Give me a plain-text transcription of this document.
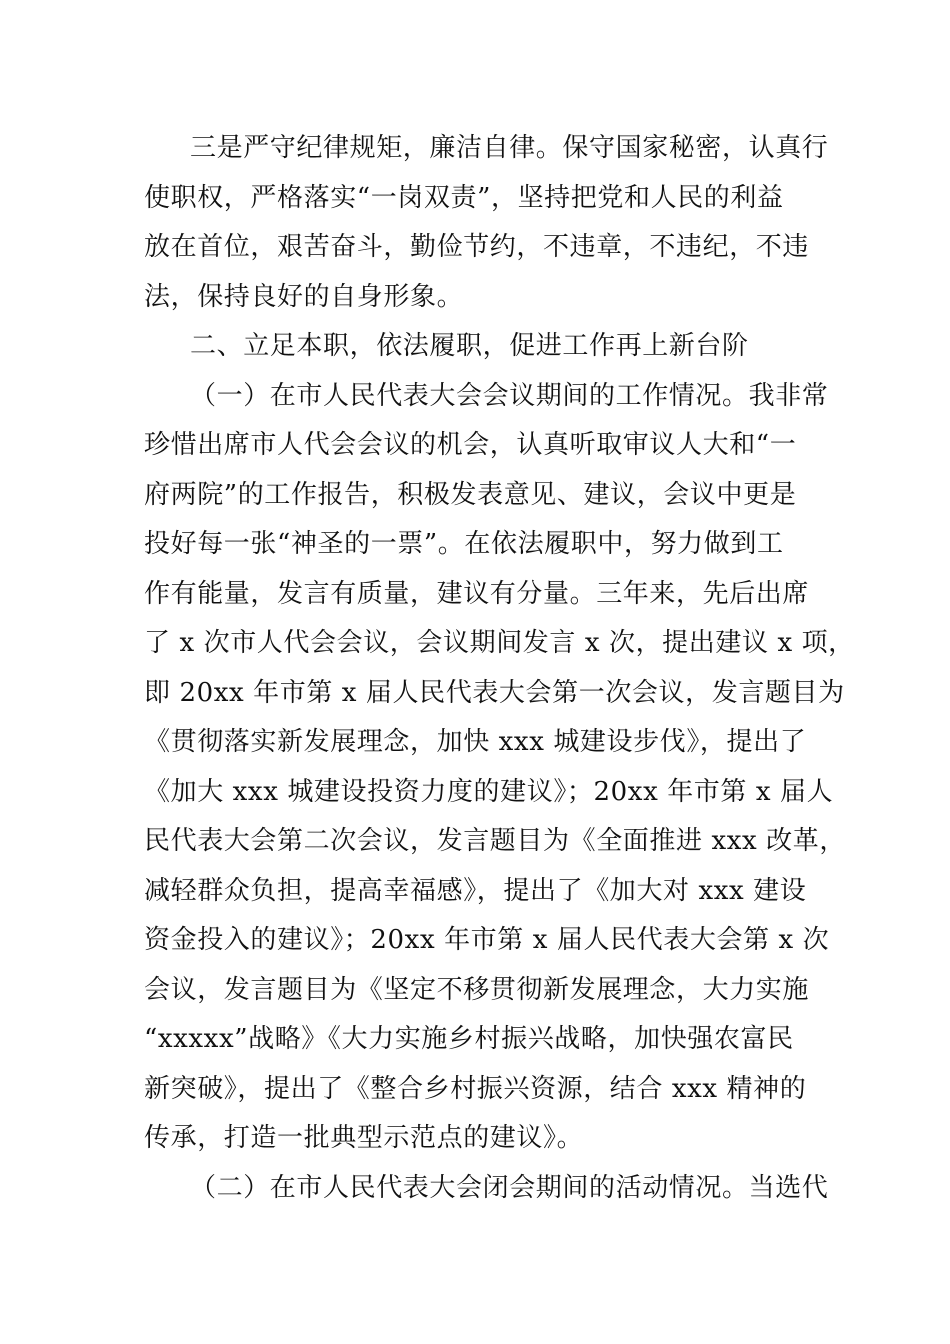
三是严守纪律规矩，廉洁自律。保守国家秘密，认真行
使职权，严格落实“一岗双责”，坚持把党和人民的利益
放在首位，艰苦奋斗，勤俭节约，不违章，不违纪，不违
法，保持良好的自身形象。
二、立足本职，依法履职，促进工作再上新台阶
（一）在市人民代表大会会议期间的工作情况。我非常
珍惜出席市人代会会议的机会，认真听取审议人大和“一
府两院”的工作报告，积极发表意见、建议，会议中更是
投好每一张“神圣的一票”。在依法履职中，努力做到工
作有能量，发言有质量，建议有分量。三年来，先后出席
了 x 次市人代会会议，会议期间发言 x 次，提出建议 x 项，
即 20xx 年市第 x 届人民代表大会第一次会议，发言题目为
《贯彻落实新发展理念，加快 xxx 城建设步伐》，提出了
《加大 xxx 城建设投资力度的建议》；20xx 年市第 x 届人
民代表大会第二次会议，发言题目为《全面推进 xxx 改革，
减轻群众负担，提高幸福感》，提出了《加大对 xxx 建设
资金投入的建议》；20xx 年市第 x 届人民代表大会第 x 次
会议，发言题目为《坚定不移贯彻新发展理念，大力实施
“xxxxx”战略》《大力实施乡村振兴战略，加快强农富民
新突破》，提出了《整合乡村振兴资源，结合 xxx 精神的
传承，打造一批典型示范点的建议》。
（二）在市人民代表大会闭会期间的活动情况。当选代
